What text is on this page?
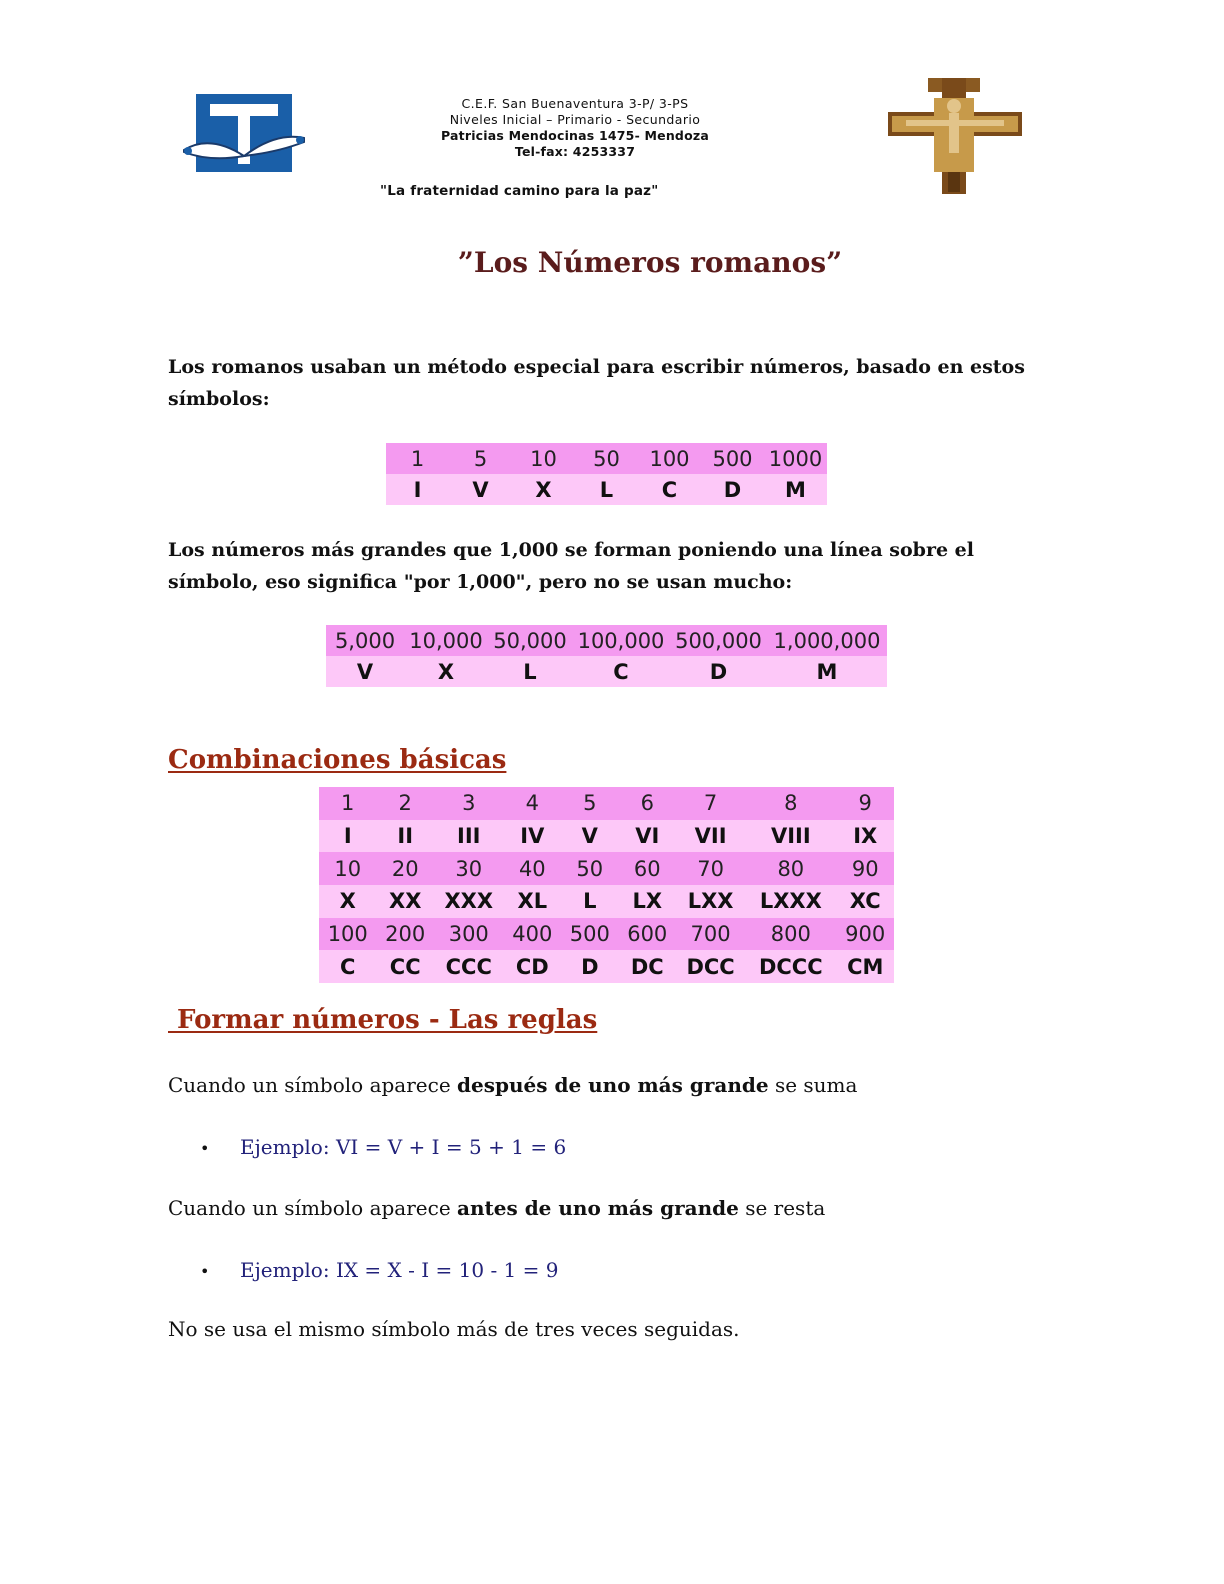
C.E.F. San Buenaventura 3-P/ 3-PS
Niveles Inicial – Primario - Secundario
Patricias Mendocinas 1475- Mendoza
Tel-fax: 4253337
"La fraternidad camino para la paz"
”Los Números romanos”
Los romanos usaban un método especial para escribir números, basado en estos símbolos:
1	5	10	50	100	500	1000
I	V	X	L	C	D	M
Los números más grandes que 1,000 se forman poniendo una línea sobre el símbolo, eso significa "por 1,000", pero no se usan mucho:
5,000	10,000	50,000	100,000	500,000	1,000,000
V	X	L	C	D	M
Combinaciones básicas
1	2	3	4	5	6	7	8	9
I	II	III	IV	V	VI	VII	VIII	IX
10	20	30	40	50	60	70	80	90
X	XX	XXX	XL	L	LX	LXX	LXXX	XC
100	200	300	400	500	600	700	800	900
C	CC	CCC	CD	D	DC	DCC	DCCC	CM
Formar números - Las reglas
Cuando un símbolo aparece después de uno más grande se suma
• Ejemplo: VI = V + I = 5 + 1 = 6
Cuando un símbolo aparece antes de uno más grande se resta
• Ejemplo: IX = X - I = 10 - 1 = 9
No se usa el mismo símbolo más de tres veces seguidas.
